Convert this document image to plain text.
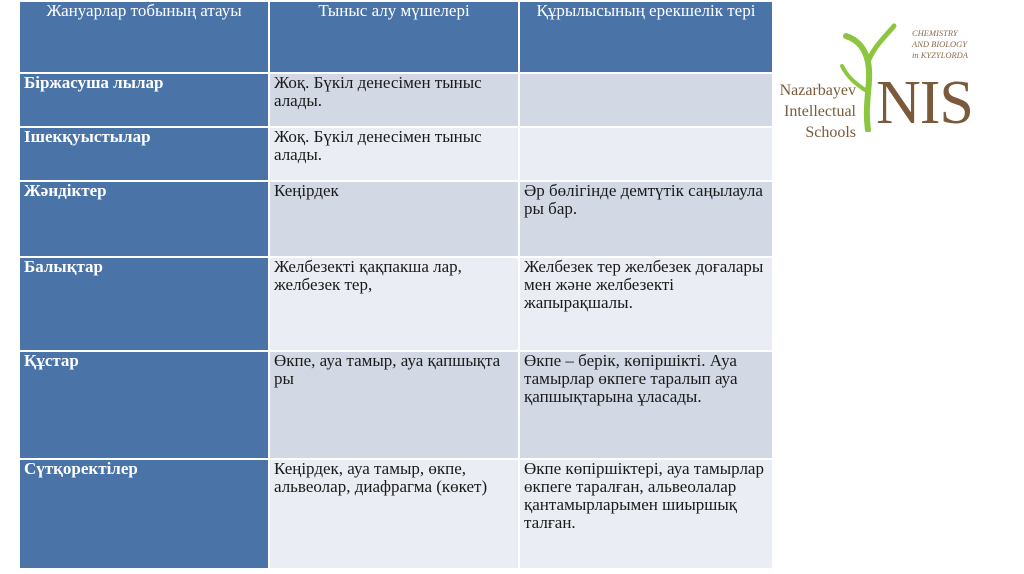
Жануарлар тобының атауы	Тыныс алу мүшелері	Құрылысының ерекшелік тері

Біржасуша лылар	Жоқ. Бүкіл денесімен тыныс алады.	

Ішекқуыстылар	Жоқ. Бүкіл денесімен тыныс алады.	

Жәндіктер	Кеңірдек	Әр бөлігінде демтүтік саңылаула ры бар.

Балықтар	Желбезекті қақпакша лар, желбезек тер,	Желбезек тер желбезек доғалары мен және желбезекті жапырақшалы.

Құстар	Өкпе, ауа тамыр, ауа қапшықта ры	Өкпе – берік, көпіршікті. Ауа тамырлар өкпеге таралып ауа қапшықтарына ұласады.

Сүтқоректілер	Кеңірдек, ауа тамыр, өкпе, альвеолар, диафрагма (көкет)	Өкпе көпіршіктері, ауа тамырлар өкпеге таралған, альвеолалар қантамырларымен шиыршық талған.
CHEMISTRY
AND BIOLOGY
in KYZYLORDA
NIS
Nazarbayev
Intellectual
Schools
